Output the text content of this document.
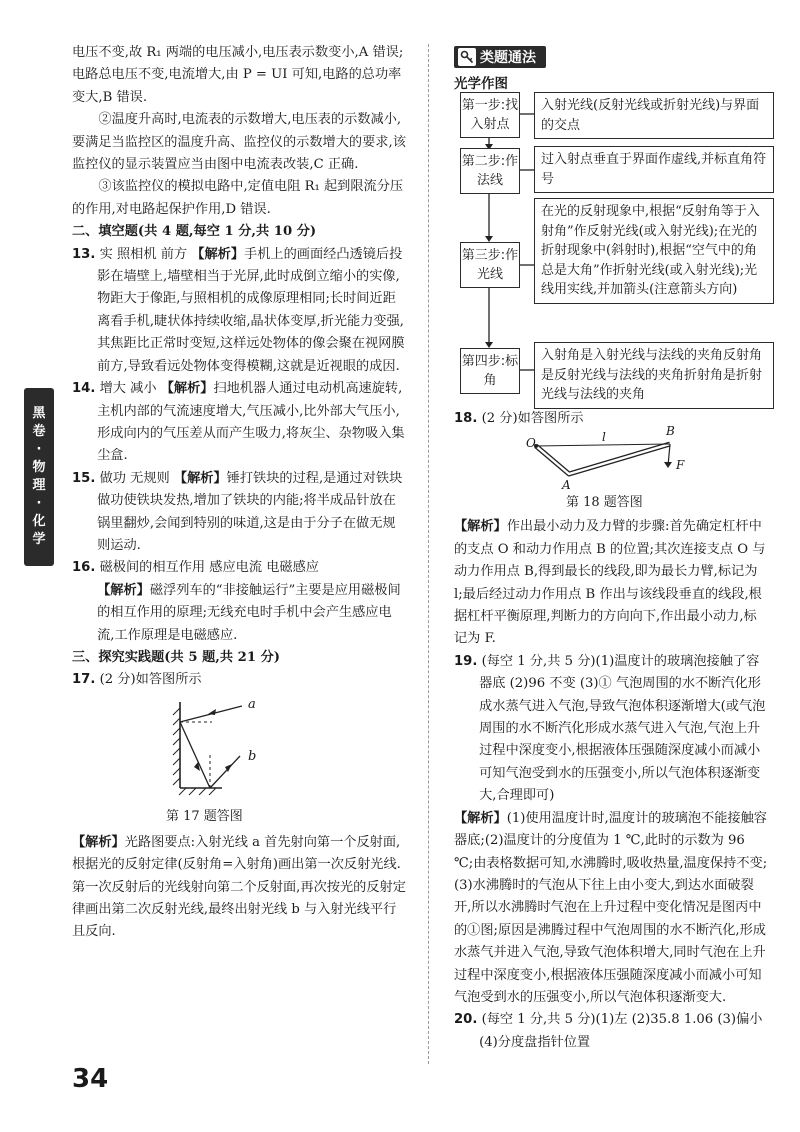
黑
卷
·
物
理
·
化
学

电压不变,故 R₁ 两端的电压减小,电压表示数变小,A 错误;电路总电压不变,电流增大,由 P = UI 可知,电路的总功率变大,B 错误.

②温度升高时,电流表的示数增大,电压表的示数减小,要满足当监控区的温度升高、监控仪的示数增大的要求,该监控仪的显示装置应当由图中电流表改装,C 正确.

③该监控仪的模拟电路中,定值电阻 R₁ 起到限流分压的作用,对电路起保护作用,D 错误.

二、填空题(共 4 题,每空 1 分,共 10 分)

13. 实 照相机 前方 【解析】手机上的画面经凸透镜后投影在墙壁上,墙壁相当于光屏,此时成倒立缩小的实像,物距大于像距,与照相机的成像原理相同;长时间近距离看手机,睫状体持续收缩,晶状体变厚,折光能力变强,其焦距比正常时变短,这样远处物体的像会聚在视网膜前方,导致看远处物体变得模糊,这就是近视眼的成因.

14. 增大 减小 【解析】扫地机器人通过电动机高速旋转,主机内部的气流速度增大,气压减小,比外部大气压小,形成向内的气压差从而产生吸力,将灰尘、杂物吸入集尘盒.

15. 做功 无规则 【解析】锤打铁块的过程,是通过对铁块做功使铁块发热,增加了铁块的内能;将半成品针放在锅里翻炒,会闻到特别的味道,这是由于分子在做无规则运动.

16. 磁极间的相互作用 感应电流 电磁感应

【解析】磁浮列车的“非接触运行”主要是应用磁极间的相互作用的原理;无线充电时手机中会产生感应电流,工作原理是电磁感应.

三、探究实践题(共 5 题,共 21 分)

17. (2 分)如答图所示

a
b
第 17 题答图

【解析】光路图要点:入射光线 a 首先射向第一个反射面,根据光的反射定律(反射角=入射角)画出第一次反射光线. 第一次反射后的光线射向第二个反射面,再次按光的反射定律画出第二次反射光线,最终出射光线 b 与入射光线平行且反向.

类题通法
光学作图
第一步:找入射点
入射光线(反射光线或折射光线)与界面的交点
第二步:作法线
过入射点垂直于界面作虚线,并标直角符号
第三步:作光线
在光的反射现象中,根据“反射角等于入射角”作反射光线(或入射光线);在光的折射现象中(斜射时),根据“空气中的角总是大角”作折射光线(或入射光线);光线用实线,并加箭头(注意箭头方向)
第四步:标角
入射角是入射光线与法线的夹角反射角是反射光线与法线的夹角折射角是折射光线与法线的夹角

18. (2 分)如答图所示

O	l	B
A
F
第 18 题答图

【解析】作出最小动力及力臂的步骤:首先确定杠杆中的支点 O 和动力作用点 B 的位置;其次连接支点 O 与动力作用点 B,得到最长的线段,即为最长力臂,标记为 l;最后经过动力作用点 B 作出与该线段垂直的线段,根据杠杆平衡原理,判断力的方向向下,作出最小动力,标记为 F.

19. (每空 1 分,共 5 分)(1)温度计的玻璃泡接触了容器底 (2)96 不变 (3)① 气泡周围的水不断汽化形成水蒸气进入气泡,导致气泡体积逐渐增大(或气泡周围的水不断汽化形成水蒸气进入气泡,气泡上升过程中深度变小,根据液体压强随深度减小而减小可知气泡受到水的压强变小,所以气泡体积逐渐变大,合理即可)

【解析】(1)使用温度计时,温度计的玻璃泡不能接触容器底;(2)温度计的分度值为 1 ℃,此时的示数为 96 ℃;由表格数据可知,水沸腾时,吸收热量,温度保持不变;(3)水沸腾时的气泡从下往上由小变大,到达水面破裂开,所以水沸腾时气泡在上升过程中变化情况是图丙中的①图;原因是沸腾过程中气泡周围的水不断汽化,形成水蒸气并进入气泡,导致气泡体积增大,同时气泡在上升过程中深度变小,根据液体压强随深度减小而减小可知气泡受到水的压强变小,所以气泡体积逐渐变大.

20. (每空 1 分,共 5 分)(1)左 (2)35.8 1.06 (3)偏小 (4)分度盘指针位置

34
